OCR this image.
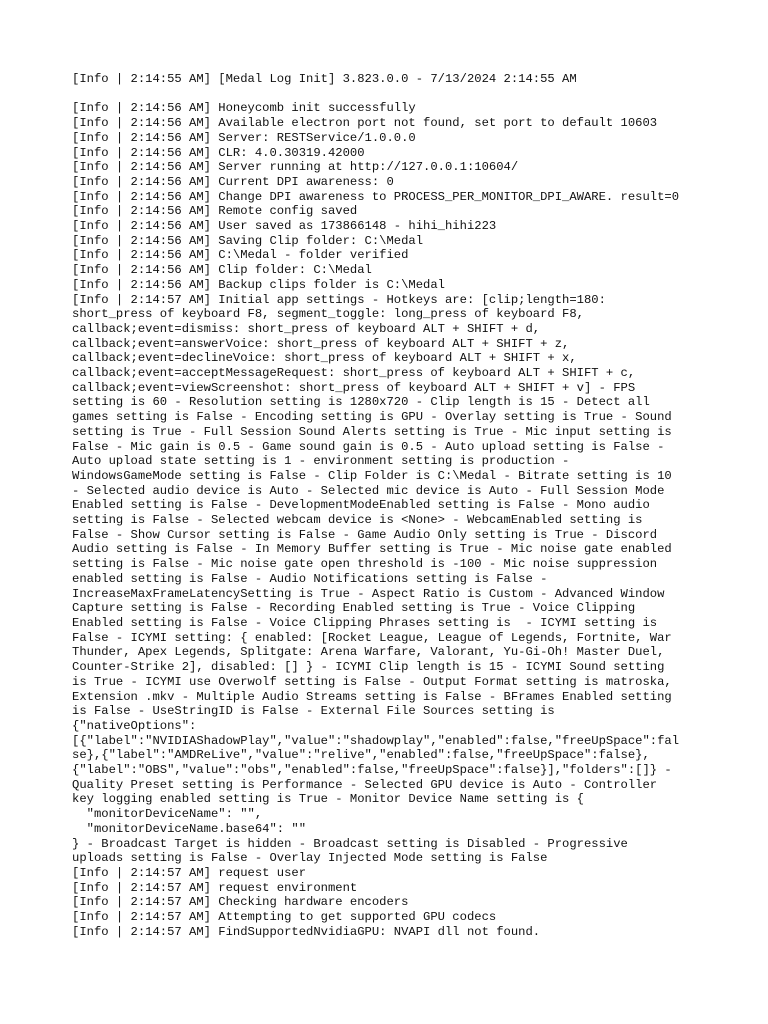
[Info | 2:14:55 AM] [Medal Log Init] 3.823.0.0 - 7/13/2024 2:14:55 AM
[Info | 2:14:56 AM] Honeycomb init successfully
[Info | 2:14:56 AM] Available electron port not found, set port to default 10603
[Info | 2:14:56 AM] Server: RESTService/1.0.0.0
[Info | 2:14:56 AM] CLR: 4.0.30319.42000
[Info | 2:14:56 AM] Server running at http://127.0.0.1:10604/
[Info | 2:14:56 AM] Current DPI awareness: 0
[Info | 2:14:56 AM] Change DPI awareness to PROCESS_PER_MONITOR_DPI_AWARE. result=0
[Info | 2:14:56 AM] Remote config saved
[Info | 2:14:56 AM] User saved as 173866148 - hihi_hihi223
[Info | 2:14:56 AM] Saving Clip folder: C:\Medal
[Info | 2:14:56 AM] C:\Medal - folder verified
[Info | 2:14:56 AM] Clip folder: C:\Medal
[Info | 2:14:56 AM] Backup clips folder is C:\Medal
[Info | 2:14:57 AM] Initial app settings - Hotkeys are: [clip;length=180:
short_press of keyboard F8, segment_toggle: long_press of keyboard F8,
callback;event=dismiss: short_press of keyboard ALT + SHIFT + d,
callback;event=answerVoice: short_press of keyboard ALT + SHIFT + z,
callback;event=declineVoice: short_press of keyboard ALT + SHIFT + x,
callback;event=acceptMessageRequest: short_press of keyboard ALT + SHIFT + c,
callback;event=viewScreenshot: short_press of keyboard ALT + SHIFT + v] - FPS
setting is 60 - Resolution setting is 1280x720 - Clip length is 15 - Detect all
games setting is False - Encoding setting is GPU - Overlay setting is True - Sound
setting is True - Full Session Sound Alerts setting is True - Mic input setting is
False - Mic gain is 0.5 - Game sound gain is 0.5 - Auto upload setting is False -
Auto upload state setting is 1 - environment setting is production -
WindowsGameMode setting is False - Clip Folder is C:\Medal - Bitrate setting is 10
- Selected audio device is Auto - Selected mic device is Auto - Full Session Mode
Enabled setting is False - DevelopmentModeEnabled setting is False - Mono audio
setting is False - Selected webcam device is <None> - WebcamEnabled setting is
False - Show Cursor setting is False - Game Audio Only setting is True - Discord
Audio setting is False - In Memory Buffer setting is True - Mic noise gate enabled
setting is False - Mic noise gate open threshold is -100 - Mic noise suppression
enabled setting is False - Audio Notifications setting is False -
IncreaseMaxFrameLatencySetting is True - Aspect Ratio is Custom - Advanced Window
Capture setting is False - Recording Enabled setting is True - Voice Clipping
Enabled setting is False - Voice Clipping Phrases setting is  - ICYMI setting is
False - ICYMI setting: { enabled: [Rocket League, League of Legends, Fortnite, War
Thunder, Apex Legends, Splitgate: Arena Warfare, Valorant, Yu-Gi-Oh! Master Duel,
Counter-Strike 2], disabled: [] } - ICYMI Clip length is 15 - ICYMI Sound setting
is True - ICYMI use Overwolf setting is False - Output Format setting is matroska,
Extension .mkv - Multiple Audio Streams setting is False - BFrames Enabled setting
is False - UseStringID is False - External File Sources setting is
{"nativeOptions":
[{"label":"NVIDIAShadowPlay","value":"shadowplay","enabled":false,"freeUpSpace":fal
se},{"label":"AMDReLive","value":"relive","enabled":false,"freeUpSpace":false},
{"label":"OBS","value":"obs","enabled":false,"freeUpSpace":false}],"folders":[]} -
Quality Preset setting is Performance - Selected GPU device is Auto - Controller
key logging enabled setting is True - Monitor Device Name setting is {
"monitorDeviceName": "",
"monitorDeviceName.base64": ""
} - Broadcast Target is hidden - Broadcast setting is Disabled - Progressive
uploads setting is False - Overlay Injected Mode setting is False
[Info | 2:14:57 AM] request user
[Info | 2:14:57 AM] request environment
[Info | 2:14:57 AM] Checking hardware encoders
[Info | 2:14:57 AM] Attempting to get supported GPU codecs
[Info | 2:14:57 AM] FindSupportedNvidiaGPU: NVAPI dll not found.
